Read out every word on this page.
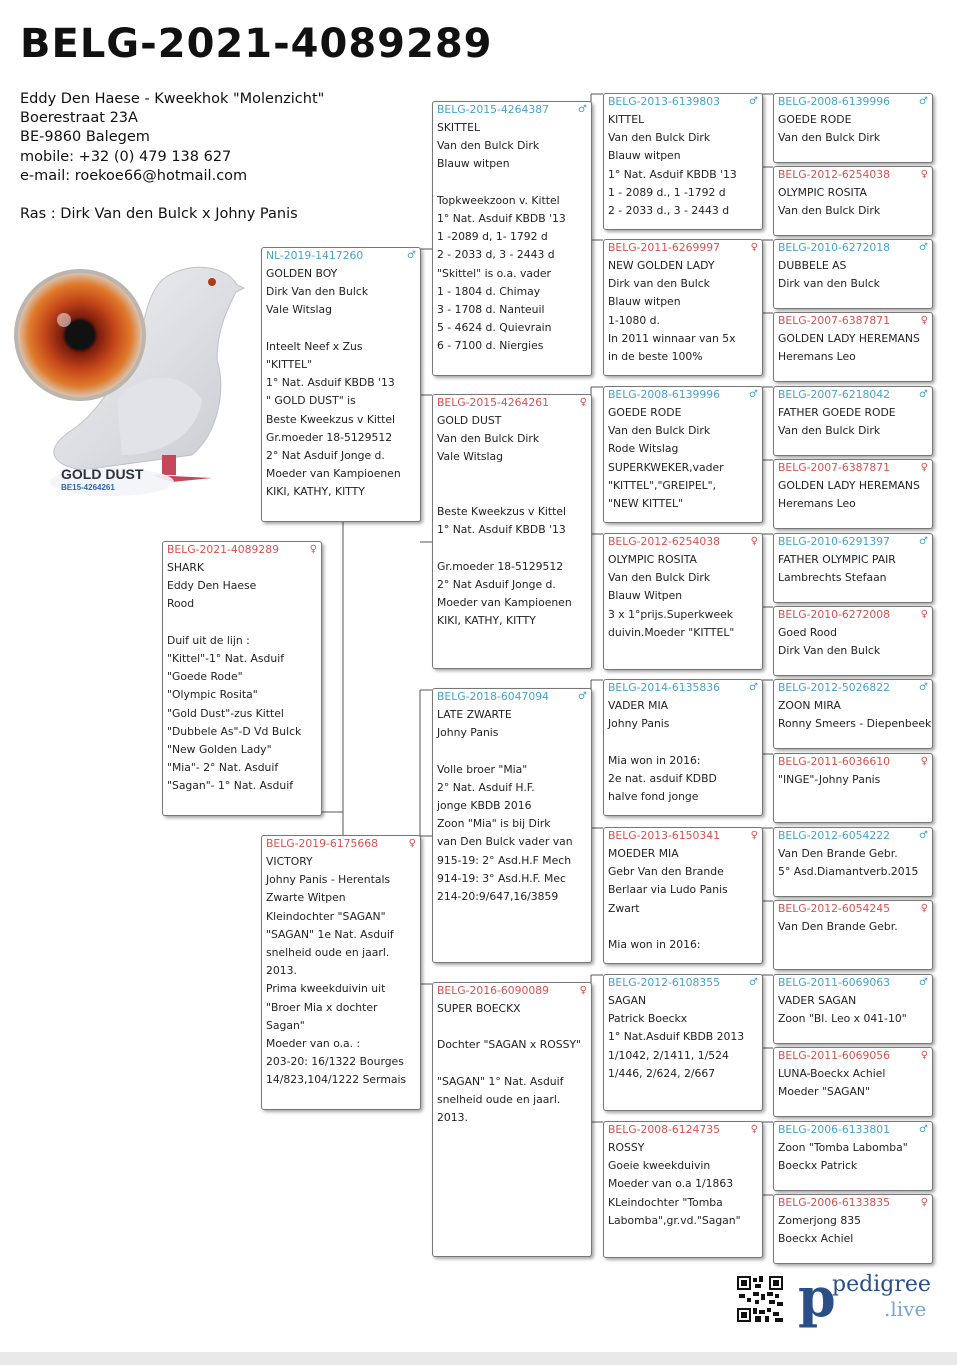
BELG-2021-4089289
Eddy Den Haese - Kweekhok "Molenzicht"
Boerestraat 23A
BE-9860 Balegem
mobile: +32 (0) 479 138 627
e-mail: roekoe66@hotmail.com
Ras : Dirk Van den Bulck x Johny Panis
GOLD DUST
BE15-4264261
BELG-2021-4089289	♀
SHARK
Eddy Den Haese
Rood
Duif uit de lijn :
"Kittel"-1° Nat. Asduif
"Goede Rode"
"Olympic Rosita"
"Gold Dust"-zus Kittel
"Dubbele As"-D Vd Bulck
"New Golden Lady"
"Mia"- 2° Nat. Asduif
"Sagan"- 1° Nat. Asduif
NL-2019-1417260	♂
GOLDEN BOY
Dirk Van den Bulck
Vale Witslag
Inteelt Neef x Zus
"KITTEL"
1° Nat. Asduif KBDB '13
" GOLD DUST" is
Beste Kweekzus v Kittel
Gr.moeder 18-5129512
2° Nat Asduif Jonge d.
Moeder van Kampioenen
KIKI, KATHY, KITTY
BELG-2019-6175668	♀
VICTORY
Johny Panis - Herentals
Zwarte Witpen
Kleindochter "SAGAN"
"SAGAN" 1e Nat. Asduif
snelheid oude en jaarl.
2013.
Prima kweekduivin uit
"Broer Mia x dochter
Sagan"
Moeder van o.a. :
203-20: 16/1322 Bourges
14/823,104/1222 Sermais
BELG-2015-4264387	♂
SKITTEL
Van den Bulck Dirk
Blauw witpen
Topkweekzoon v. Kittel
1° Nat. Asduif KBDB '13
1 -2089 d, 1- 1792 d
2 - 2033 d, 3 - 2443 d
"Skittel" is o.a. vader
1 - 1804 d. Chimay
3 - 1708 d. Nanteuil
5 - 4624 d. Quievrain
6 - 7100 d. Niergies
BELG-2015-4264261	♀
GOLD DUST
Van den Bulck Dirk
Vale Witslag
Beste Kweekzus v Kittel
1° Nat. Asduif KBDB '13
Gr.moeder 18-5129512
2° Nat Asduif Jonge d.
Moeder van Kampioenen
KIKI, KATHY, KITTY
BELG-2018-6047094	♂
LATE ZWARTE
Johny Panis
Volle broer "Mia"
2° Nat. Asduif H.F.
jonge KBDB 2016
Zoon "Mia" is bij Dirk
van Den Bulck vader van
915-19: 2° Asd.H.F Mech
914-19: 3° Asd.H.F. Mec
214-20:9/647,16/3859
BELG-2016-6090089	♀
SUPER BOECKX
Dochter "SAGAN x ROSSY"
"SAGAN" 1° Nat. Asduif
snelheid oude en jaarl.
2013.
BELG-2013-6139803	♂
KITTEL
Van den Bulck Dirk
Blauw witpen
1° Nat. Asduif KBDB '13
1 - 2089 d., 1 -1792 d
2 - 2033 d., 3 - 2443 d
BELG-2011-6269997	♀
NEW GOLDEN LADY
Dirk van den Bulck
Blauw witpen
1-1080 d.
In 2011 winnaar van 5x
in de beste 100%
BELG-2008-6139996	♂
GOEDE RODE
Van den Bulck Dirk
Rode Witslag
SUPERKWEKER,vader
"KITTEL","GREIPEL",
"NEW KITTEL"
BELG-2012-6254038	♀
OLYMPIC ROSITA
Van den Bulck Dirk
Blauw Witpen
3 x 1°prijs.Superkweek
duivin.Moeder "KITTEL"
BELG-2014-6135836	♂
VADER MIA
Johny Panis
Mia won in 2016:
2e nat. asduif KDBD
halve fond jonge
BELG-2013-6150341	♀
MOEDER MIA
Gebr Van den Brande
Berlaar via Ludo Panis
Zwart
Mia won in 2016:
BELG-2012-6108355	♂
SAGAN
Patrick Boeckx
1° Nat.Asduif KBDB 2013
1/1042, 2/1411, 1/524
1/446, 2/624, 2/667
BELG-2008-6124735	♀
ROSSY
Goeie kweekduivin
Moeder van o.a 1/1863
KLeindochter "Tomba
Labomba",gr.vd."Sagan"
BELG-2008-6139996	♂
GOEDE RODE
Van den Bulck Dirk
BELG-2012-6254038	♀
OLYMPIC ROSITA
Van den Bulck Dirk
BELG-2010-6272018	♂
DUBBELE AS
Dirk van den Bulck
BELG-2007-6387871	♀
GOLDEN LADY HEREMANS
Heremans Leo
BELG-2007-6218042	♂
FATHER GOEDE RODE
Van den Bulck Dirk
BELG-2007-6387871	♀
GOLDEN LADY HEREMANS
Heremans Leo
BELG-2010-6291397	♂
FATHER OLYMPIC PAIR
Lambrechts Stefaan
BELG-2010-6272008	♀
Goed Rood
Dirk Van den Bulck
BELG-2012-5026822	♂
ZOON MIRA
Ronny Smeers - Diepenbeek
BELG-2011-6036610	♀
"INGE"-Johny Panis
BELG-2012-6054222	♂
Van Den Brande Gebr.
5° Asd.Diamantverb.2015
BELG-2012-6054245	♀
Van Den Brande Gebr.
BELG-2011-6069063	♂
VADER SAGAN
Zoon "Bl. Leo x 041-10"
BELG-2011-6069056	♀
LUNA-Boeckx Achiel
Moeder "SAGAN"
BELG-2006-6133801	♂
Zoon "Tomba Labomba"
Boeckx Patrick
BELG-2006-6133835	♀
Zomerjong 835
Boeckx Achiel
p
pedigree
.live
